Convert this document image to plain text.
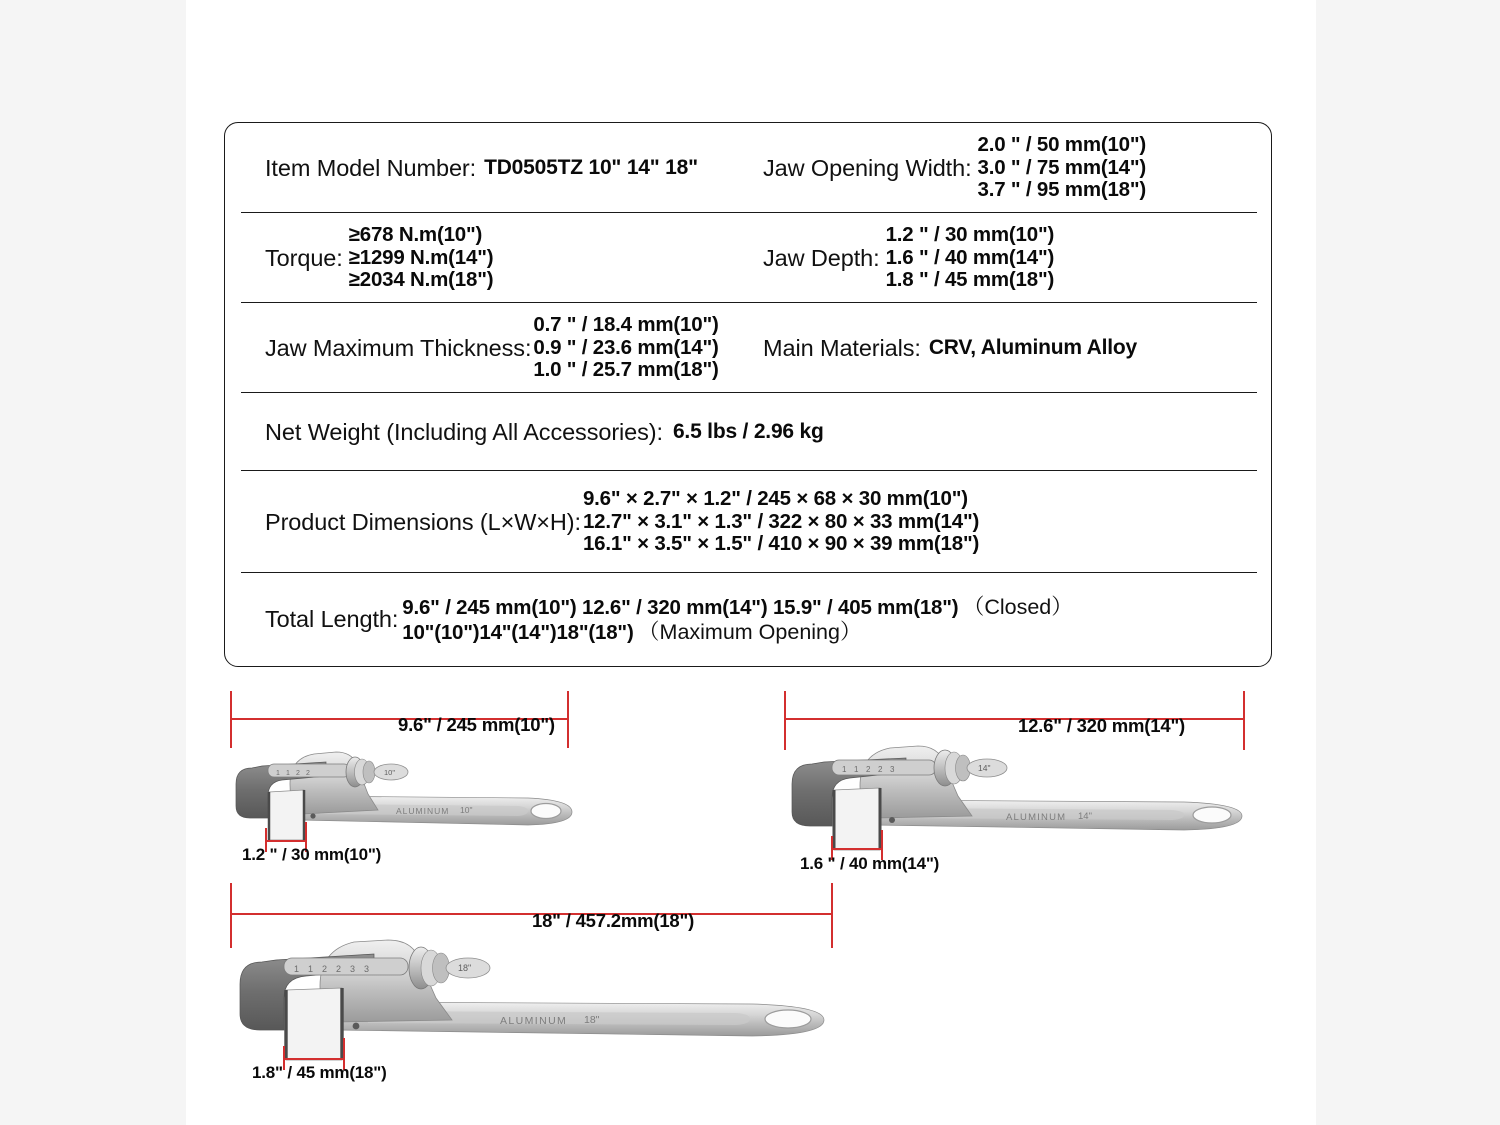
Item Model Number: TD0505TZ 10" 14" 18"	Jaw Opening Width:
2.0 " / 50 mm(10")
3.0 " / 75 mm(14")
3.7 " / 95 mm(18")
Torque:
≥678 N.m(10")
≥1299 N.m(14")
≥2034 N.m(18")
Jaw Depth:
1.2 " / 30 mm(10")
1.6 " / 40 mm(14")
1.8 " / 45 mm(18")
Jaw Maximum Thickness:
0.7 " / 18.4 mm(10")
0.9 " / 23.6 mm(14")
1.0 " / 25.7 mm(18")
Main Materials: CRV, Aluminum Alloy
Net Weight (Including All Accessories): 6.5 lbs / 2.96 kg
Product Dimensions (L×W×H):
9.6" × 2.7" × 1.2" / 245 × 68 × 30 mm(10")
12.7" × 3.1" × 1.3" / 322 × 80 × 33 mm(14")
16.1" × 3.5" × 1.5" / 410 × 90 × 39 mm(18")
Total Length: 9.6" / 245 mm(10") 12.6" / 320 mm(14") 15.9" / 405 mm(18") （Closed）
10"(10")14"(14")18"(18") （Maximum Opening）
1 1 2 2	10"
ALUMINUM 10"
9.6" / 245 mm(10")
1.2 " / 30 mm(10")
1 1 2 2 3	14"
ALUMINUM 14"
12.6" / 320 mm(14")
1.6 " / 40 mm(14")
1 1 2 2 3 3	18"
ALUMINUM 18"
18" / 457.2mm(18")
1.8" / 45 mm(18")
